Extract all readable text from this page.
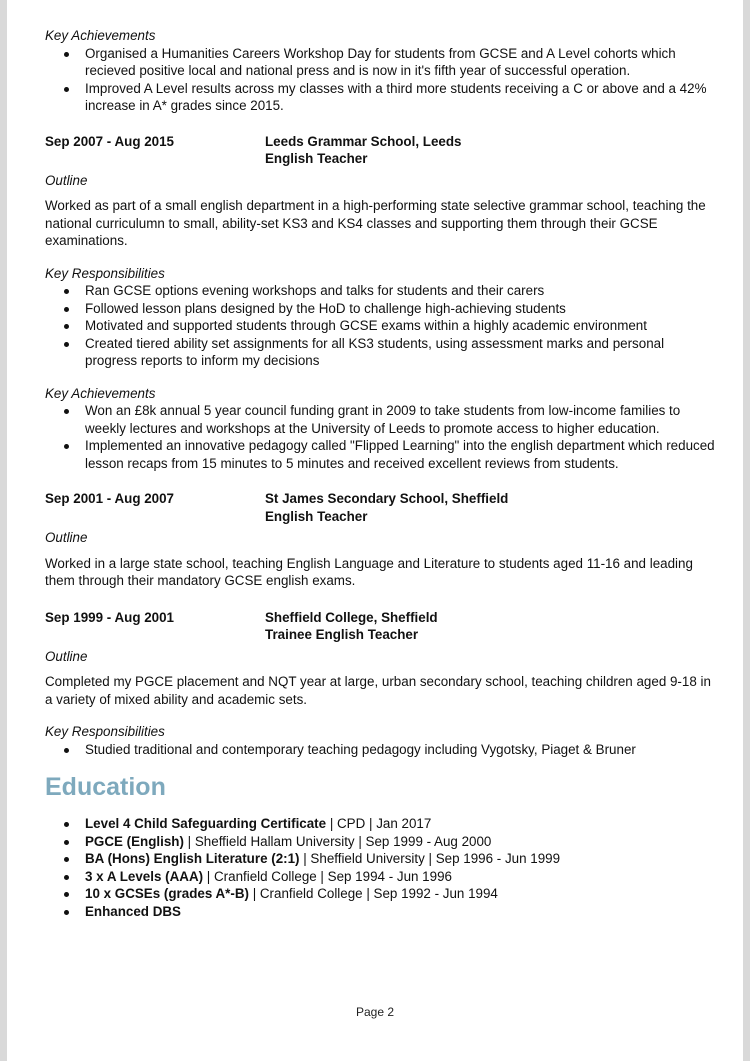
Key Achievements
Organised a Humanities Careers Workshop Day for students from GCSE and A Level cohorts which recieved positive local and national press and is now in it's fifth year of successful operation.
Improved A Level results across my classes with a third more students receiving a C or above and a 42% increase in A* grades since 2015.
Sep 2007 - Aug 2015	Leeds Grammar School, Leeds
English Teacher
Outline

Worked as part of a small english department in a high-performing state selective grammar school, teaching the national curriculumn to small, ability-set KS3 and KS4 classes and supporting them through their GCSE examinations.

Key Responsibilities
Ran GCSE options evening workshops and talks for students and their carers
Followed lesson plans designed by the HoD to challenge high-achieving students
Motivated and supported students through GCSE exams within a highly academic environment
Created tiered ability set assignments for all KS3 students, using assessment marks and personal progress reports to inform my decisions
Key Achievements
Won an £8k annual 5 year council funding grant in 2009 to take students from low-income families to weekly lectures and workshops at the University of Leeds to promote access to higher education.
Implemented an innovative pedagogy called "Flipped Learning" into the english department which reduced lesson recaps from 15 minutes to 5 minutes and received excellent reviews from students.
Sep 2001 - Aug 2007	St James Secondary School, Sheffield
English Teacher
Outline

Worked in a large state school, teaching English Language and Literature to students aged 11-16 and leading them through their mandatory GCSE english exams.

Sep 1999 - Aug 2001	Sheffield College, Sheffield
Trainee English Teacher
Outline

Completed my PGCE placement and NQT year at large, urban secondary school, teaching children aged 9-18 in a variety of mixed ability and academic sets.

Key Responsibilities
Studied traditional and contemporary teaching pedagogy including Vygotsky, Piaget & Bruner
Education
Level 4 Child Safeguarding Certificate | CPD | Jan 2017
PGCE (English) | Sheffield Hallam University | Sep 1999 - Aug 2000
BA (Hons) English Literature (2:1) | Sheffield University | Sep 1996 - Jun 1999
3 x A Levels (AAA) | Cranfield College | Sep 1994 - Jun 1996
10 x GCSEs (grades A*-B) | Cranfield College | Sep 1992 - Jun 1994
Enhanced DBS
Page 2
